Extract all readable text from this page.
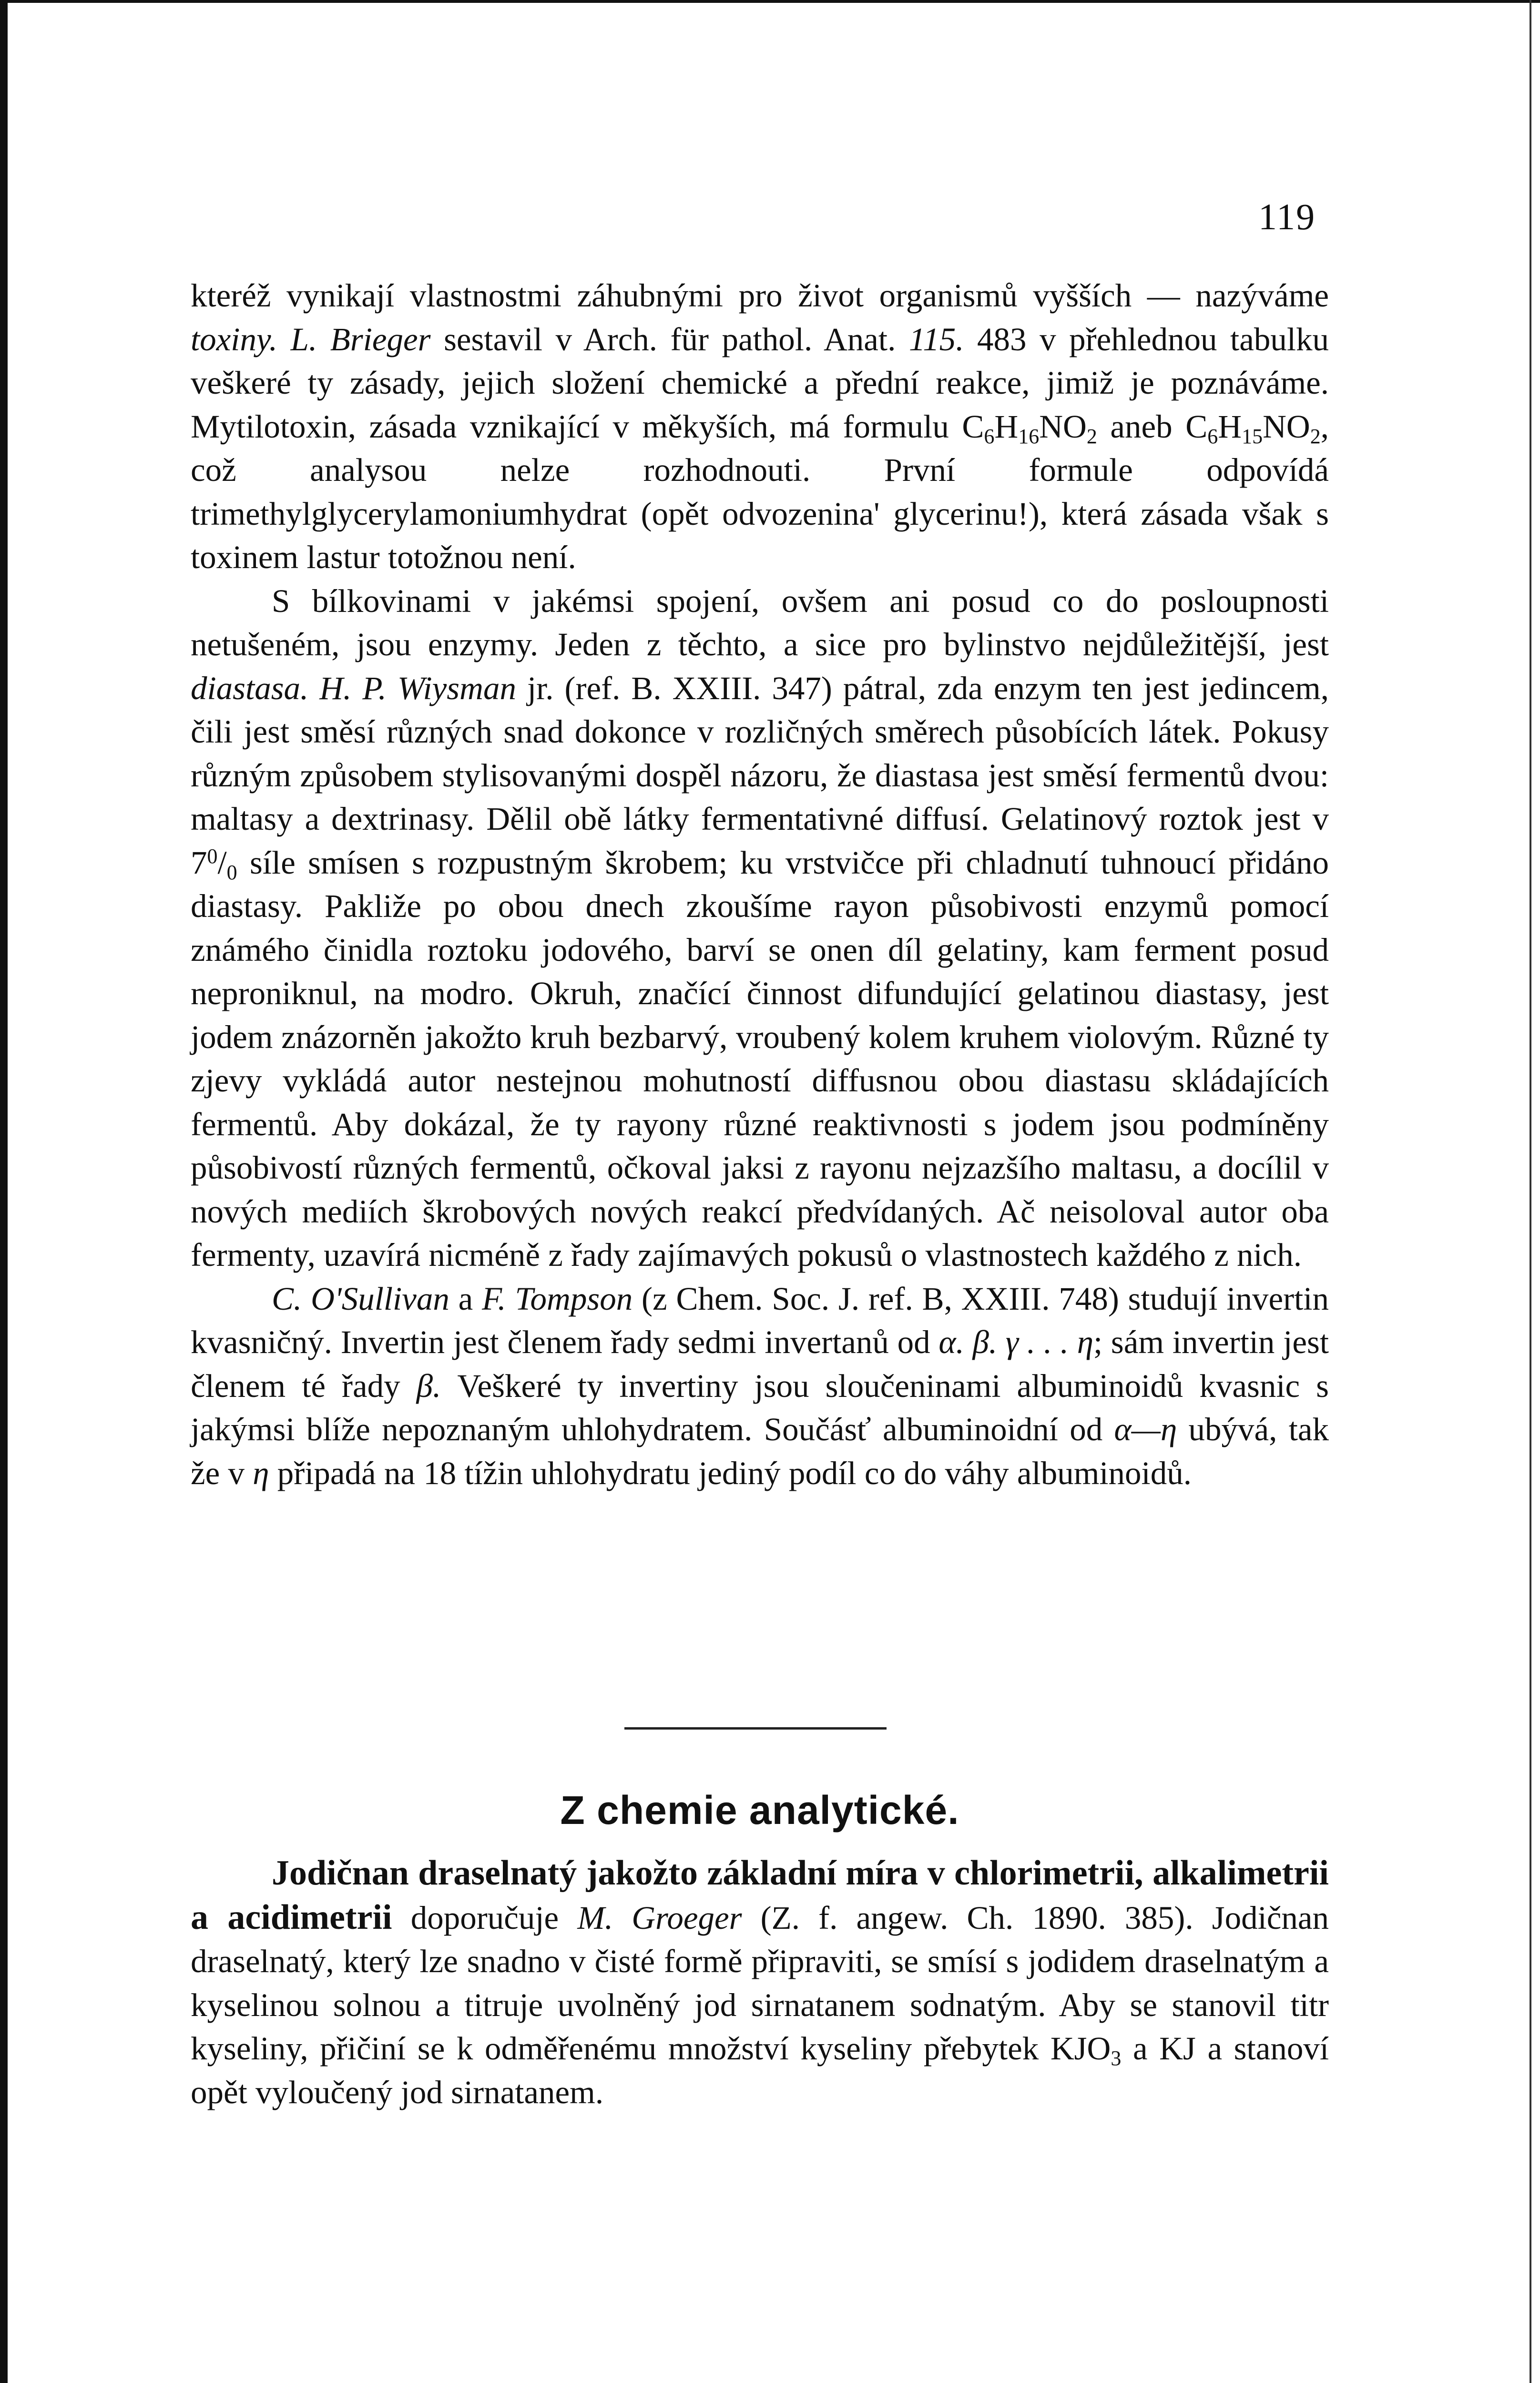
119

kteréž vynikají vlastnostmi záhubnými pro život organismů vyšších — nazýváme toxiny. L. Brieger sestavil v Arch. für pathol. Anat. 115. 483 v přehlednou tabulku veškeré ty zásady, jejich složení chemické a přední reakce, jimiž je poznáváme. Mytilotoxin, zásada vznikající v měkyších, má formulu $C_6H_{16}NO_2$ aneb $C_6H_{15}NO_2$, což analysou nelze rozhodnouti. První formule odpovídá trimethylglycerylamoniumhydrat (opět odvozenina' glycerinu!), která zásada však s toxinem lastur totožnou není.

S bílkovinami v jakémsi spojení, ovšem ani posud co do posloupnosti netušeném, jsou enzymy. Jeden z těchto, a sice pro bylinstvo nejdůležitější, jest diastasa. H. P. Wiysman jr. (ref. B. XXIII. 347) pátral, zda enzym ten jest jedincem, čili jest směsí různých snad dokonce v rozličných směrech působících látek. Pokusy různým způsobem stylisovanými dospěl názoru, že diastasa jest směsí fermentů dvou: maltasy a dextrinasy. Dělil obě látky fermentativné diffusí. Gelatinový roztok jest v $7^0/_0$ síle smísen s rozpustným škrobem; ku vrstvičce při chladnutí tuhnoucí přidáno diastasy. Pakliže po obou dnech zkoušíme rayon působivosti enzymů pomocí známého činidla roztoku jodového, barví se onen díl gelatiny, kam ferment posud neproniknul, na modro. Okruh, značící činnost difundující gelatinou diastasy, jest jodem znázorněn jakožto kruh bezbarvý, vroubený kolem kruhem violovým. Různé ty zjevy vykládá autor nestejnou mohutností diffusnou obou diastasu skládajících fermentů. Aby dokázal, že ty rayony různé reaktivnosti s jodem jsou podmíněny působivostí různých fermentů, očkoval jaksi z rayonu nejzazšího maltasu, a docílil v nových mediích škrobových nových reakcí předvídaných. Ač neisoloval autor oba fermenty, uzavírá nicméně z řady zajímavých pokusů o vlastnostech každého z nich.

C. O'Sullivan a F. Tompson (z Chem. Soc. J. ref. B, XXIII. 748) studují invertin kvasničný. Invertin jest členem řady sedmi invertanů od α. β. γ . . . η; sám invertin jest členem té řady β. Veškeré ty invertiny jsou sloučeninami albuminoidů kvasnic s jakýmsi blíže nepoznaným uhlohydratem. Součásť albuminoidní od α—η ubývá, tak že v η připadá na 18 tížin uhlohydratu jediný podíl co do váhy albuminoidů.

Z chemie analytické.

Jodičnan draselnatý jakožto základní míra v chlorimetrii, alkalimetrii a acidimetrii doporučuje M. Groeger (Z. f. angew. Ch. 1890. 385). Jodičnan draselnatý, který lze snadno v čisté formě připraviti, se smísí s jodidem draselnatým a kyselinou solnou a titruje uvolněný jod sirnatanem sodnatým. Aby se stanovil titr kyseliny, přičiní se k odměřenému množství kyseliny přebytek $KJO_3$ a KJ a stanoví opět vyloučený jod sirnatanem.
